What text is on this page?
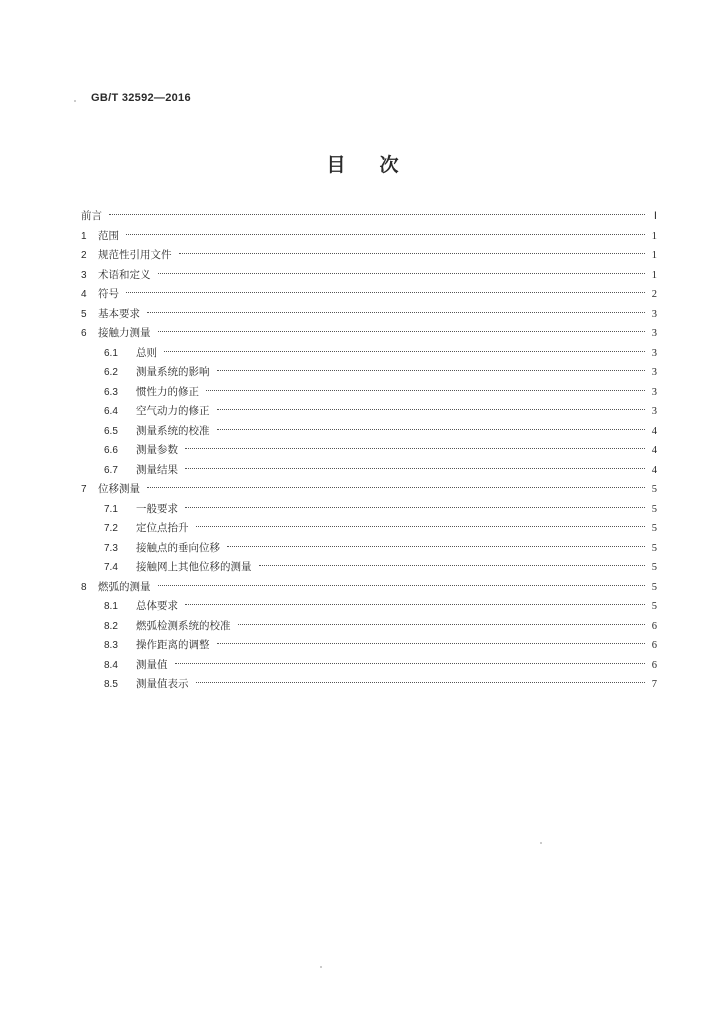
GB/T 32592—2016
目次
前言	Ⅰ
1	范围	1
2	规范性引用文件	1
3	术语和定义	1
4	符号	2
5	基本要求	3
6	接触力测量	3
6.1	总则	3
6.2	测量系统的影响	3
6.3	惯性力的修正	3
6.4	空气动力的修正	3
6.5	测量系统的校准	4
6.6	测量参数	4
6.7	测量结果	4
7	位移测量	5
7.1	一般要求	5
7.2	定位点抬升	5
7.3	接触点的垂向位移	5
7.4	接触网上其他位移的测量	5
8	燃弧的测量	5
8.1	总体要求	5
8.2	燃弧检测系统的校准	6
8.3	操作距离的调整	6
8.4	测量值	6
8.5	测量值表示	7
